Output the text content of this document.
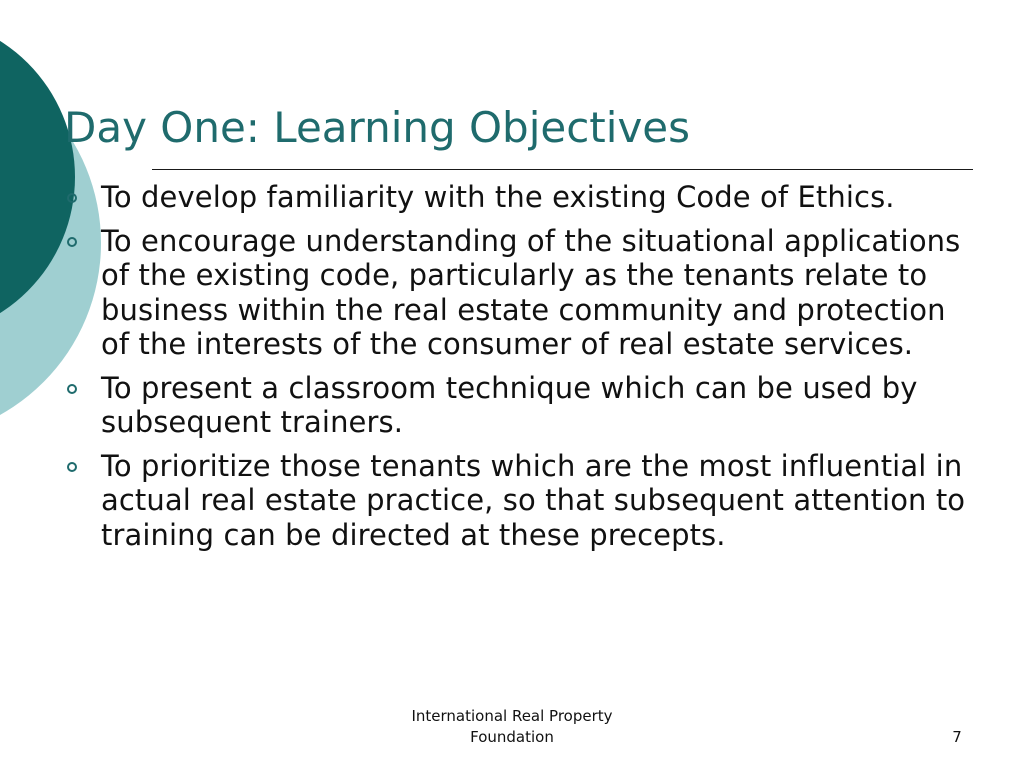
Day One: Learning Objectives
To develop familiarity with the existing Code of Ethics.
To encourage understanding of the situational applications of the existing code, particularly as the tenants relate to business within the real estate community and protection of the interests of the consumer of real estate services.
To present a classroom technique which can be used by subsequent trainers.
To prioritize those tenants which are the most influential in actual real estate practice, so that subsequent attention to training can be directed at these precepts.
International Real Property
Foundation	7
